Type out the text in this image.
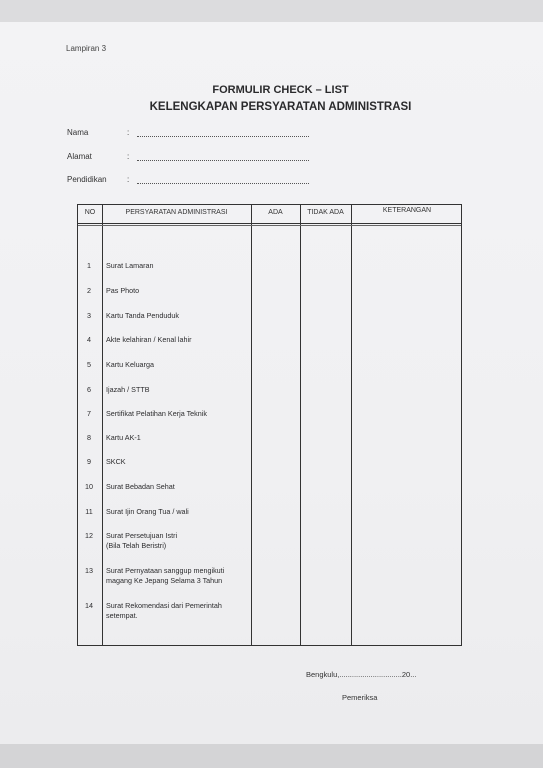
Lampiran 3
FORMULIR CHECK – LIST
KELENGKAPAN PERSYARATAN ADMINISTRASI
Nama	:
Alamat	:
Pendidikan	:
NO	PERSYARATAN ADMINISTRASI	ADA	TIDAK ADA	KETERANGAN
1	Surat Lamaran
2	Pas Photo
3	Kartu Tanda Penduduk
4	Akte kelahiran / Kenal lahir
5	Kartu Keluarga
6	Ijazah / STTB
7	Sertifikat Pelatihan Kerja Teknik
8	Kartu AK-1
9	SKCK
10	Surat Bebadan Sehat
11	Surat Ijin Orang Tua / wali
12	Surat Persetujuan Istri
(Bila Telah Beristri)
13	Surat Pernyataan sanggup mengikuti
magang Ke Jepang Selama 3 Tahun
14	Surat Rekomendasi dari Pemerintah
setempat.
Bengkulu,..............................20...
Pemeriksa
